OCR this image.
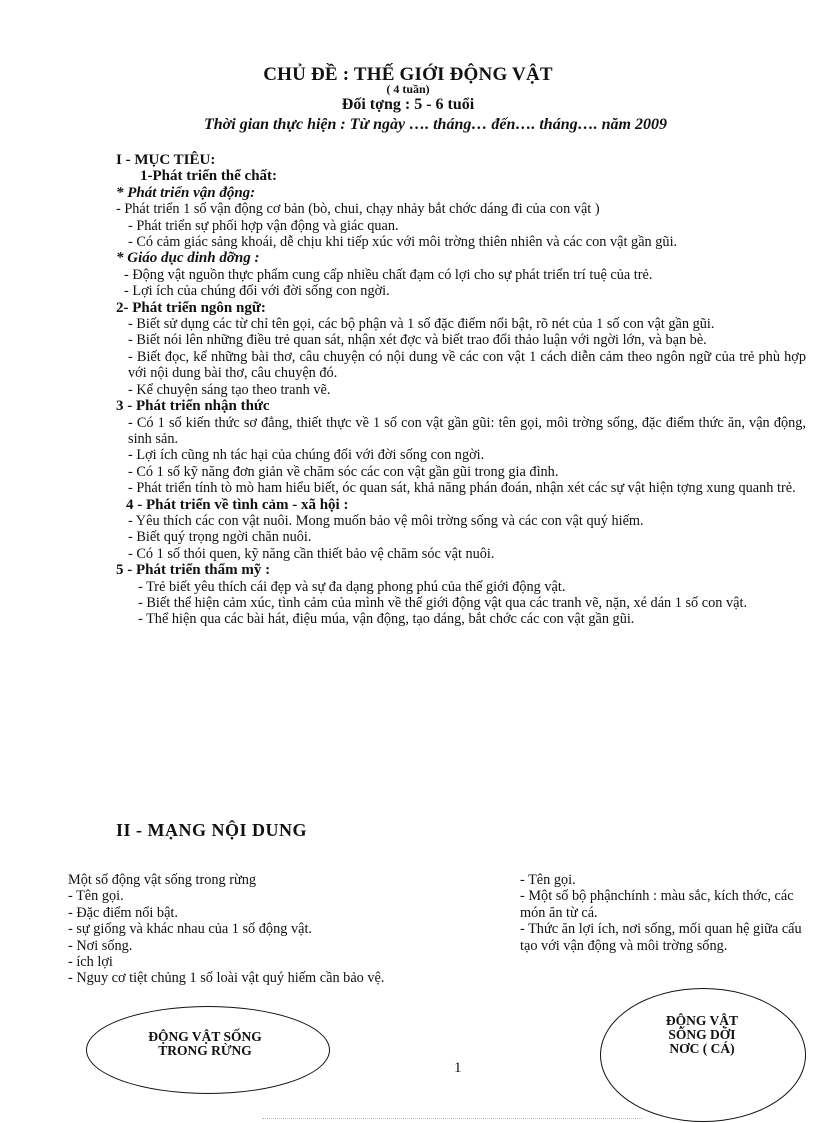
CHỦ ĐỀ : THẾ GIỚI ĐỘNG VẬT
( 4 tuần)
Đối tợng : 5 - 6 tuổi
Thời gian thực hiện : Từ ngày …. tháng… đến…. tháng…. năm 2009

I - MỤC TIÊU:

1-Phát triển thể chất:

* Phát triển vận động:

- Phát triển 1 số vận động cơ bản (bò, chui, chạy nhảy bắt chớc dáng đi của con vật )

- Phát triển sự phối hợp vận động và giác quan.

- Có cảm giác sảng khoái, dễ chịu khi tiếp xúc với môi trờng thiên nhiên và các con vật gần gũi.

* Giáo dục dinh dỡng :

- Động vật nguồn thực phẩm cung cấp nhiều chất đạm có lợi cho sự phát triển trí tuệ của trẻ.

- Lợi ích của chúng đối với đời sống con ngời.

2- Phát triển ngôn ngữ:

- Biết sử dụng các từ chỉ tên gọi, các bộ phận và 1 số đặc điểm nổi bật, rõ nét của 1 số con vật gần gũi.

- Biết nói lên những điều trẻ quan sát, nhận xét đợc và biết trao đổi thảo luận với ngời lớn, và bạn bè.

- Biết đọc, kể những bài thơ, câu chuyện có nội dung về các con vật 1 cách diễn cảm theo ngôn ngữ của trẻ phù hợp với nội dung bài thơ, câu chuyện đó.

- Kể chuyện sáng tạo theo tranh vẽ.

3 - Phát triển nhận thức

- Có 1 số kiến thức sơ đẳng, thiết thực về 1 số con vật gần gũi: tên gọi, môi trờng sống, đặc điểm thức ăn, vận động, sinh sản.

- Lợi ích cũng nh tác hại của chúng đối với đời sống con ngời.

- Có 1 số kỹ năng đơn giản về chăm sóc các con vật gần gũi trong gia đình.

- Phát triển tính tò mò ham hiểu biết, óc quan sát, khả năng phán đoán, nhận xét các sự vật hiện tợng xung quanh trẻ.

4 - Phát triển về tình cảm - xã hội :

- Yêu thích các con vật nuôi. Mong muốn bảo vệ môi trờng sống và các con vật quý hiếm.

- Biết quý trọng ngời chăn nuôi.

- Có 1 số thói quen, kỹ năng cần thiết bảo vệ chăm sóc vật nuôi.

5 - Phát triển thẩm mỹ :

- Trẻ biết yêu thích cái đẹp và sự đa dạng phong phú của thế giới động vật.

- Biết thể hiện cảm xúc, tình cảm của mình về thế giới động vật qua các tranh vẽ, nặn, xé dán 1 số con vật.

- Thể hiện qua các bài hát, điệu múa, vận động, tạo dáng, bắt chớc các con vật gần gũi.

II - MẠNG NỘI DUNG

Một số động vật sống trong rừng

- Tên gọi.

- Đặc điểm nổi bật.

- sự giống và khác nhau của 1 số động vật.

- Nơi sống.

- ích lợi

- Nguy cơ tiệt chủng 1 số loài vật quý hiếm cần bảo vệ.

- Tên gọi.

- Một số bộ phậnchính : màu sắc, kích thớc, các món ăn từ cá.

- Thức ăn lợi ích, nơi sống, mối quan hệ giữa cấu tạo với vận động và môi trờng sống.

ĐỘNG VẬT SỐNG
TRONG RỪNG
ĐỘNG VẬT
SỐNG DỚI
NƠC ( CÁ)
1
